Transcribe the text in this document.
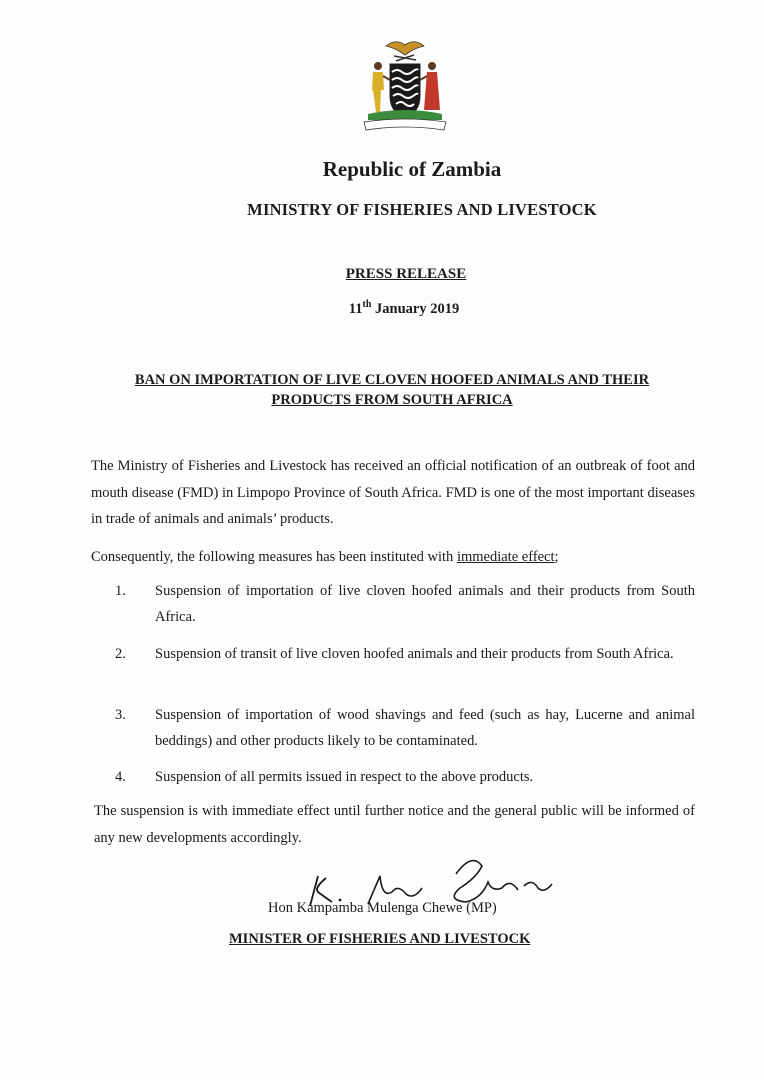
Republic of Zambia
MINISTRY OF FISHERIES AND LIVESTOCK
PRESS RELEASE
11th January 2019
BAN ON IMPORTATION OF LIVE CLOVEN HOOFED ANIMALS AND THEIR
PRODUCTS FROM SOUTH AFRICA
The Ministry of Fisheries and Livestock has received an official notification of an outbreak of foot and mouth disease (FMD) in Limpopo Province of South Africa. FMD is one of the most important diseases in trade of animals and animals’ products.
Consequently, the following measures has been instituted with immediate effect;
1. Suspension of importation of live cloven hoofed animals and their products from South Africa.
2. Suspension of transit of live cloven hoofed animals and their products from South Africa.
3. Suspension of importation of wood shavings and feed (such as hay, Lucerne and animal beddings) and other products likely to be contaminated.
4. Suspension of all permits issued in respect to the above products.
The suspension is with immediate effect until further notice and the general public will be informed of any new developments accordingly.
Hon Kampamba Mulenga Chewe (MP)
MINISTER OF FISHERIES AND LIVESTOCK
